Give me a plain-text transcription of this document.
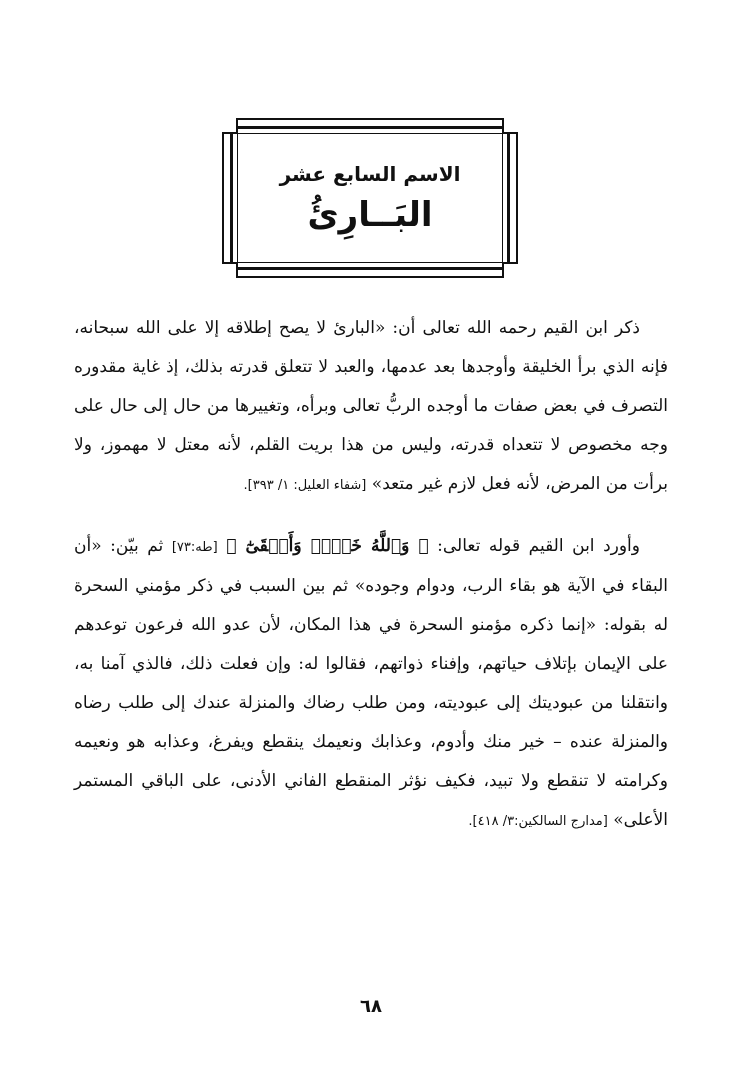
الاسم السابع عشر
البَــارِئُ

ذكر ابن القيم رحمه الله تعالى أن: «البارئ لا يصح إطلاقه إلا على الله سبحانه، فإنه الذي برأ الخليقة وأوجدها بعد عدمها، والعبد لا تتعلق قدرته بذلك، إذ غاية مقدوره التصرف في بعض صفات ما أوجده الربُّ تعالى وبرأه، وتغييرها من حال إلى حال على وجه مخصوص لا تتعداه قدرته، وليس من هذا بريت القلم، لأنه معتل لا مهموز، ولا برأت من المرض، لأنه فعل لازم غير متعد» [شفاء العليل: ١/ ٣٩٣].

وأورد ابن القيم قوله تعالى: ﴿ وَٱللَّهُ خَيۡرٞ وَأَبۡقَىٰٓ ﴾ [طه:٧٣] ثم بيّن: «أن البقاء في الآية هو بقاء الرب، ودوام وجوده» ثم بين السبب في ذكر مؤمني السحرة له بقوله: «إنما ذكره مؤمنو السحرة في هذا المكان، لأن عدو الله فرعون توعدهم على الإيمان بإتلاف حياتهم، وإفناء ذواتهم، فقالوا له: وإن فعلت ذلك، فالذي آمنا به، وانتقلنا من عبوديتك إلى عبوديته، ومن طلب رضاك والمنزلة عندك إلى طلب رضاه والمنزلة عنده – خير منك وأدوم، وعذابك ونعيمك ينقطع ويفرغ، وعذابه هو ونعيمه وكرامته لا تنقطع ولا تبيد، فكيف نؤثر المنقطع الفاني الأدنى، على الباقي المستمر الأعلى» [مدارج السالكين:٣/ ٤١٨].

٦٨
